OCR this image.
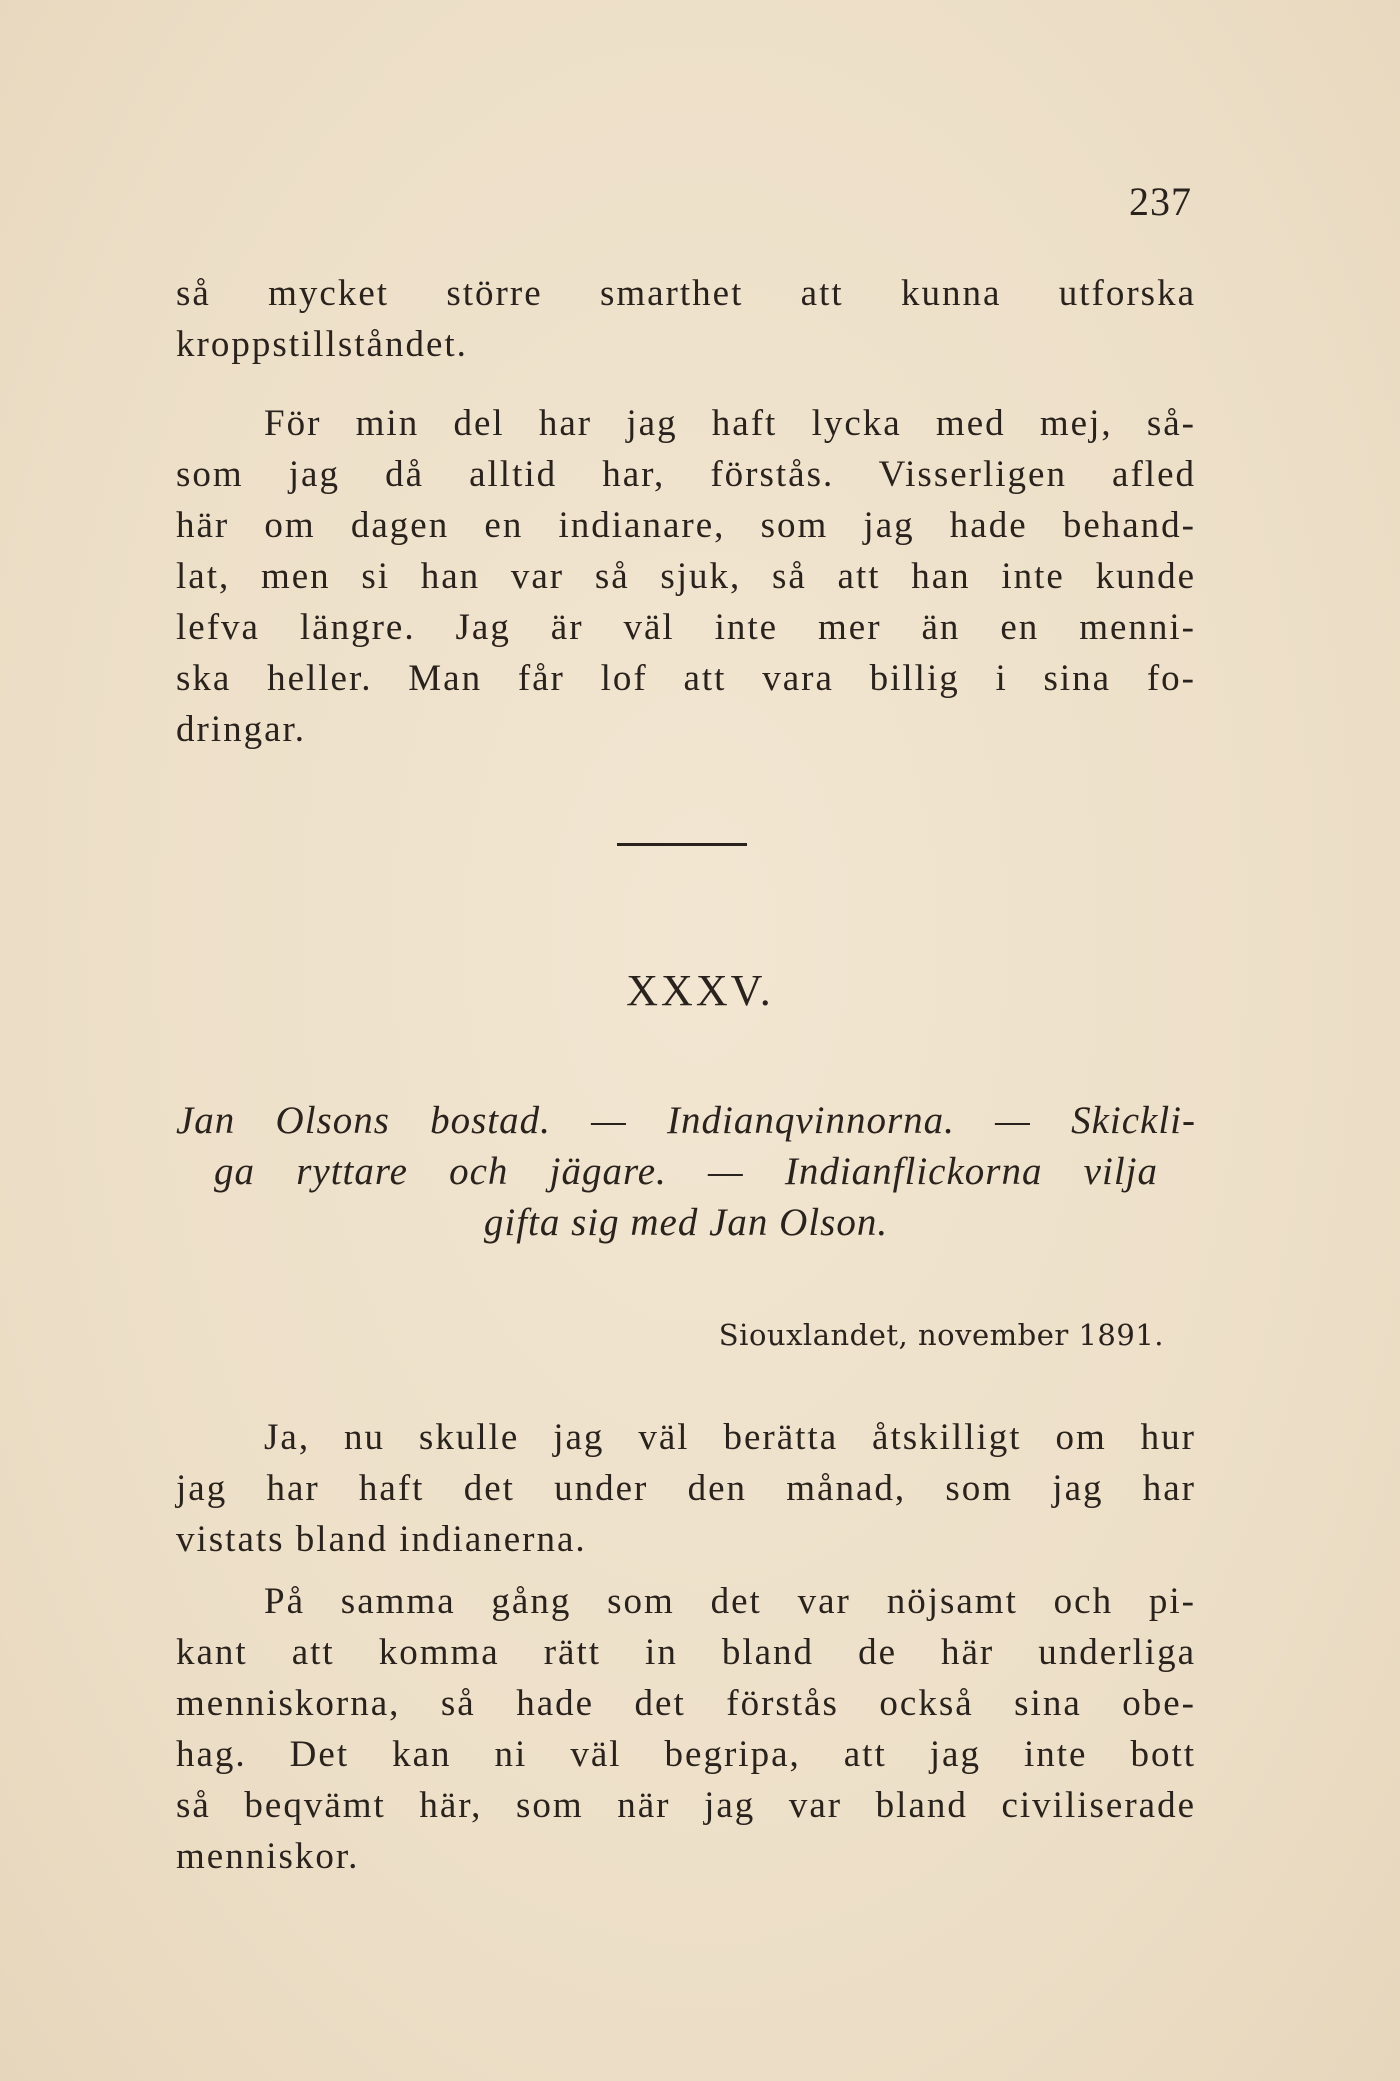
237

så mycket större smarthet att kunna utforska
kroppstillståndet.

För min del har jag haft lycka med mej, så-
som jag då alltid har, förstås. Visserligen afled
här om dagen en indianare, som jag hade behand-
lat, men si han var så sjuk, så att han inte kunde
lefva längre. Jag är väl inte mer än en menni-
ska heller. Man får lof att vara billig i sina fo-
dringar.

XXXV.
Jan Olsons bostad. — Indianqvinnorna. — Skickli-
ga ryttare och jägare. — Indianflickorna vilja
gifta sig med Jan Olson.
Siouxlandet, november 1891.

Ja, nu skulle jag väl berätta åtskilligt om hur
jag har haft det under den månad, som jag har
vistats bland indianerna.

På samma gång som det var nöjsamt och pi-
kant att komma rätt in bland de här underliga
menniskorna, så hade det förstås också sina obe-
hag. Det kan ni väl begripa, att jag inte bott
så beqvämt här, som när jag var bland civiliserade
menniskor.
